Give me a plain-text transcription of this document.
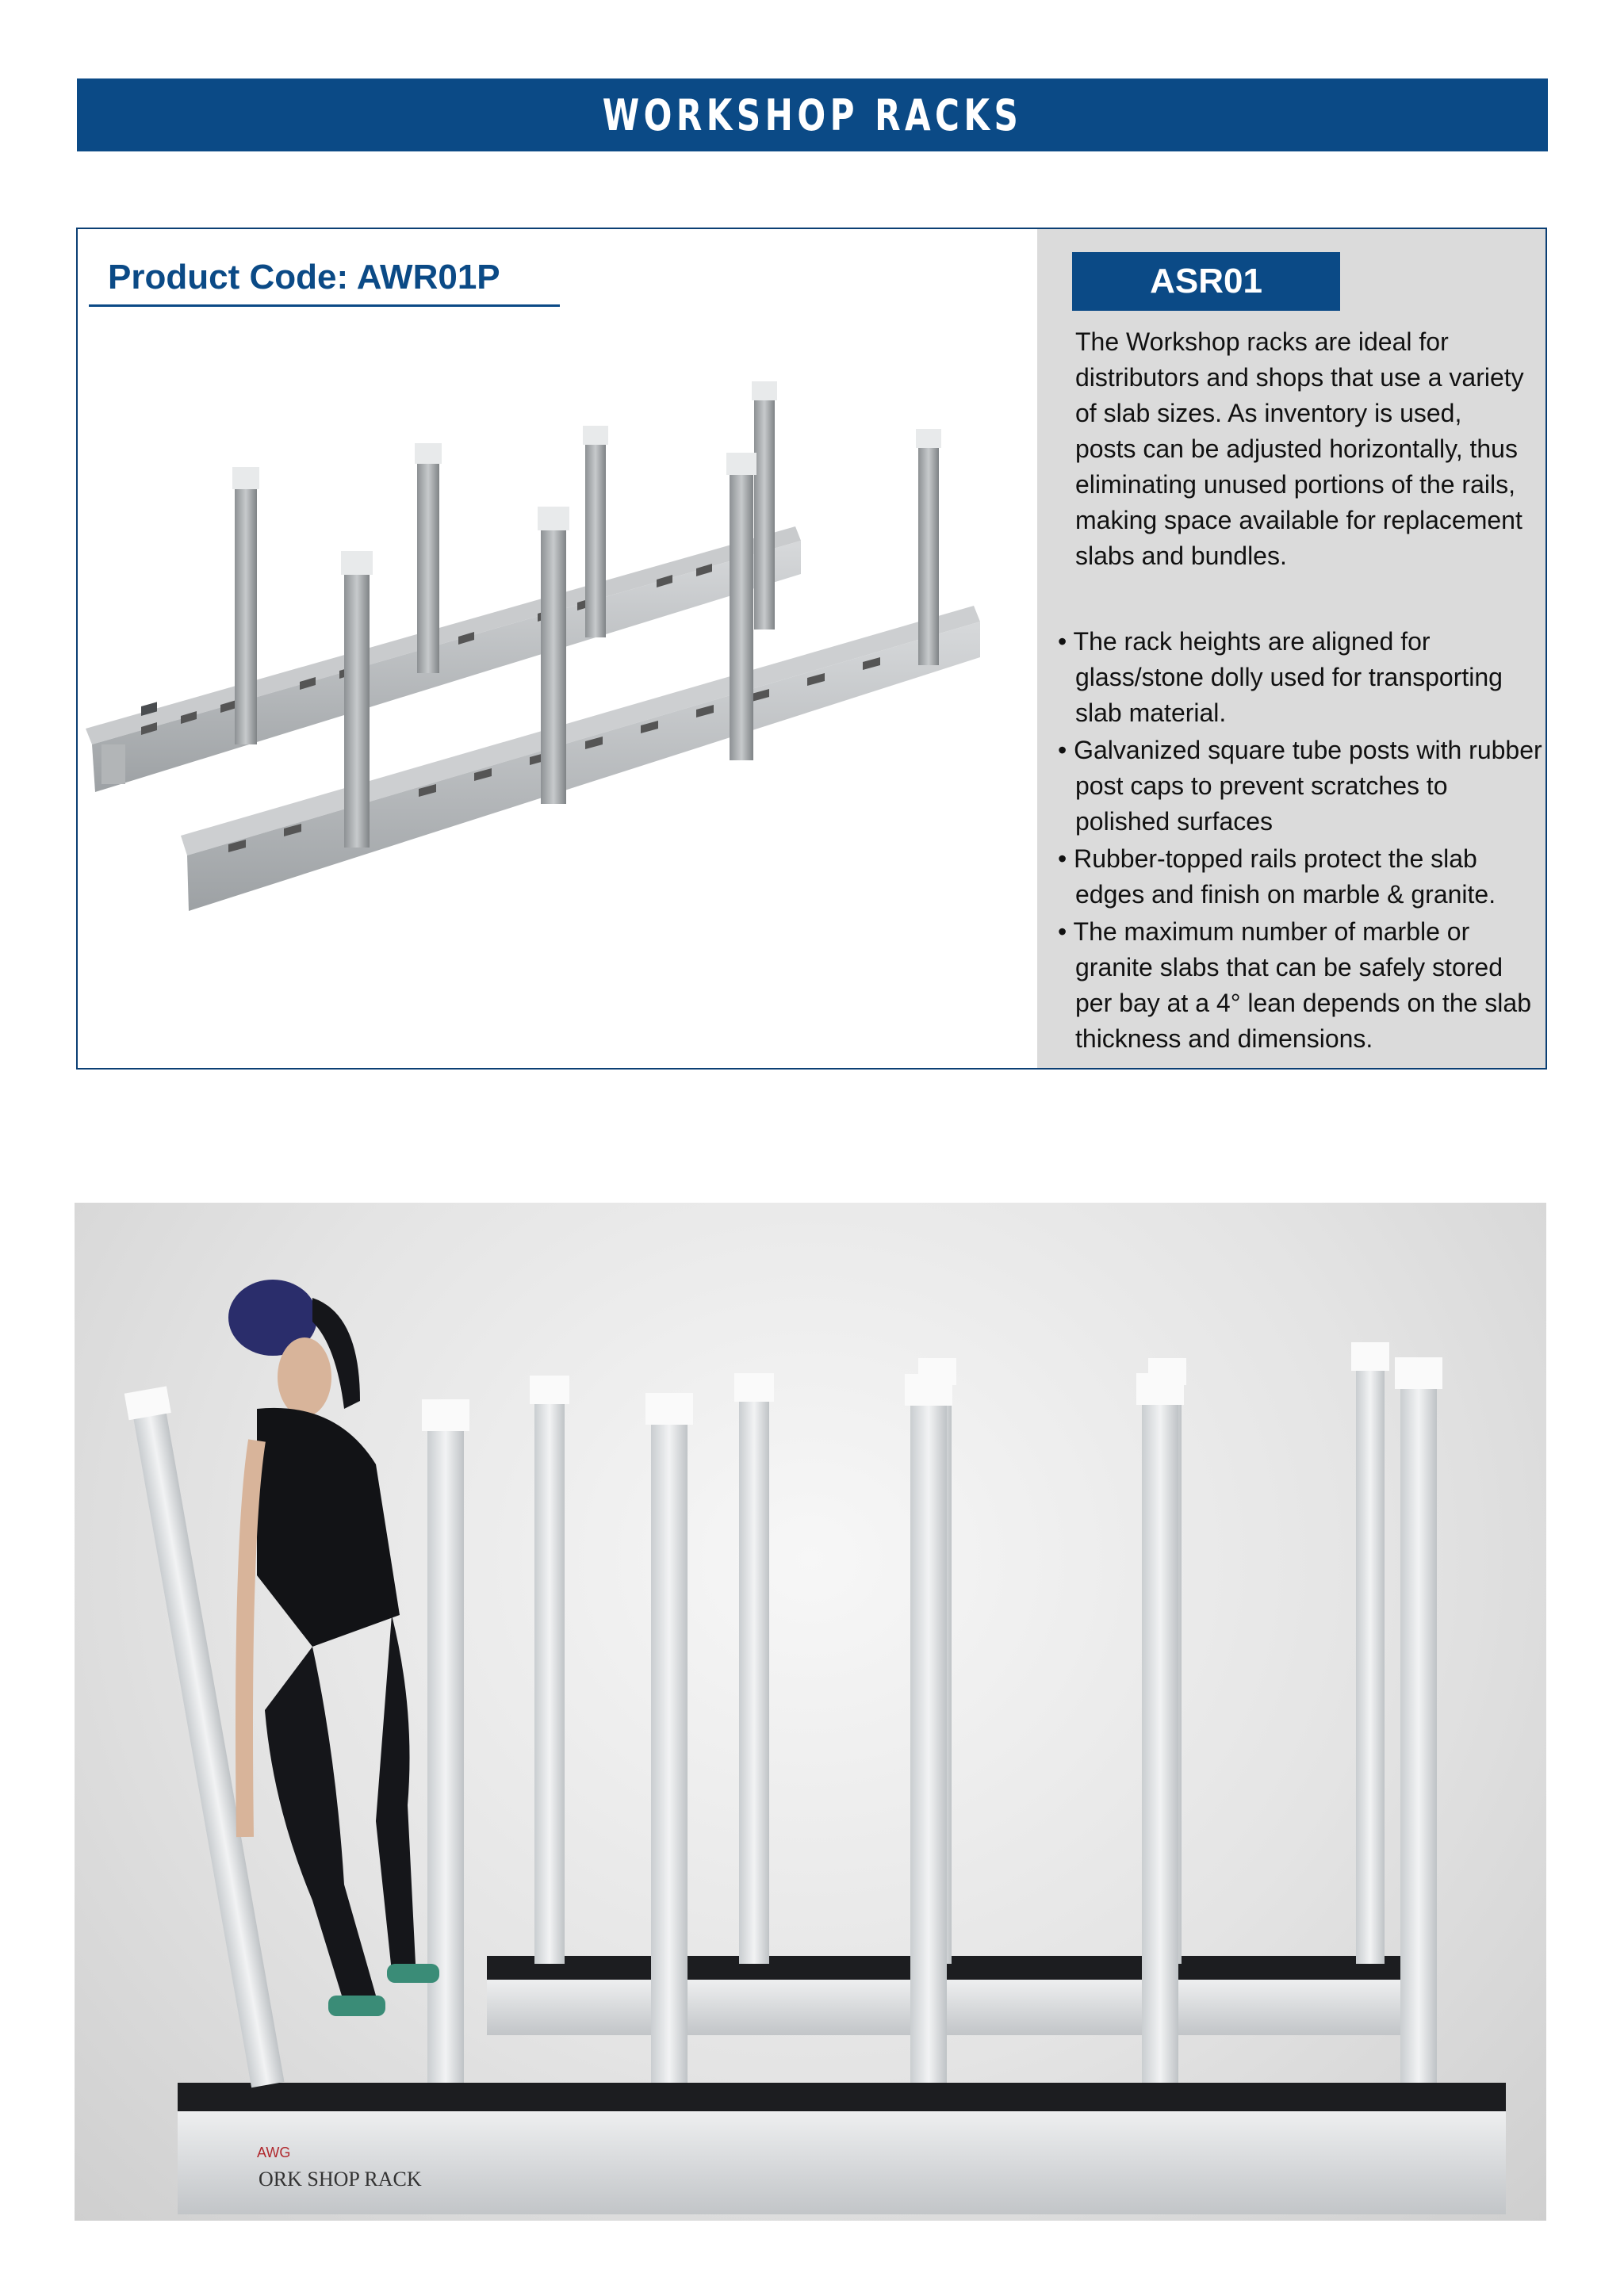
WORKSHOP RACKS
Product Code: AWR01P	ASR01

The Workshop racks are ideal for distributors and shops that use a variety of slab sizes. As inventory is used, posts can be adjusted horizontally, thus eliminating unused portions of the rails, making space available for replacement slabs and bundles.

• The rack heights are aligned for glass/stone dolly used for transporting slab material.
• Galvanized square tube posts with rubber post caps to prevent scratches to polished surfaces
• Rubber-topped rails protect the slab edges and finish on marble & granite.
• The maximum number of marble or granite slabs that can be safely stored per bay at a 4° lean depends on the slab thickness and dimensions.
AWG
ORK SHOP RACK
